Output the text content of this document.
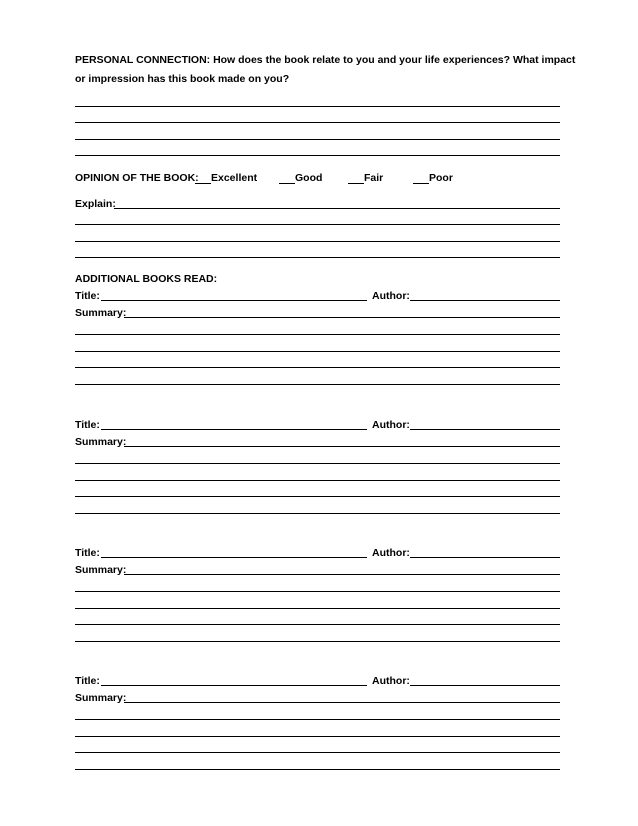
PERSONAL CONNECTION: How does the book relate to you and your life experiences? What impact
or impression has this book made on you?
OPINION OF THE BOOK: Excellent	Good	Fair	Poor
Explain:
ADDITIONAL BOOKS READ:
Title:	Author:
Summary:
Title:	Author:
Summary:
Title:	Author:
Summary:
Title:	Author:
Summary:
